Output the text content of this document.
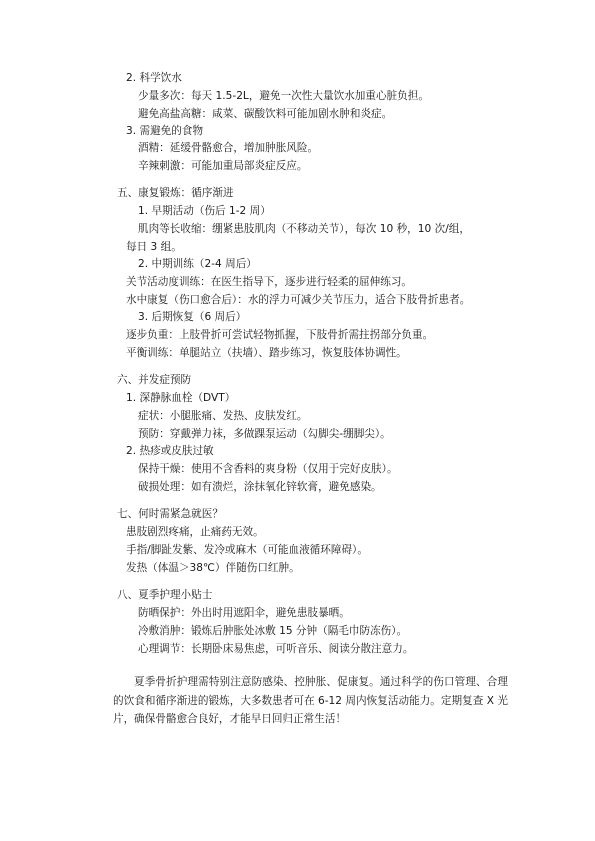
2. 科学饮水
少量多次：每天 1.5-2L，避免一次性大量饮水加重心脏负担。
避免高盐高糖：咸菜、碳酸饮料可能加剧水肿和炎症。
3. 需避免的食物
酒精：延缓骨骼愈合，增加肿胀风险。
辛辣刺激：可能加重局部炎症反应。
五、康复锻炼：循序渐进
1. 早期活动（伤后 1-2 周）
肌肉等长收缩：绷紧患肢肌肉（不移动关节），每次 10 秒，10 次/组，
每日 3 组。
2. 中期训练（2-4 周后）
关节活动度训练：在医生指导下，逐步进行轻柔的屈伸练习。
水中康复（伤口愈合后）：水的浮力可减少关节压力，适合下肢骨折患者。
3. 后期恢复（6 周后）
逐步负重：上肢骨折可尝试轻物抓握，下肢骨折需拄拐部分负重。
平衡训练：单腿站立（扶墙）、踏步练习，恢复肢体协调性。
六、并发症预防
1. 深静脉血栓（DVT）
症状：小腿胀痛、发热、皮肤发红。
预防：穿戴弹力袜，多做踝泵运动（勾脚尖-绷脚尖）。
2. 热疹或皮肤过敏
保持干燥：使用不含香料的爽身粉（仅用于完好皮肤）。
破损处理：如有溃烂，涂抹氧化锌软膏，避免感染。
七、何时需紧急就医？
患肢剧烈疼痛，止痛药无效。
手指/脚趾发紫、发冷或麻木（可能血液循环障碍）。
发热（体温＞38℃）伴随伤口红肿。
八、夏季护理小贴士
防晒保护：外出时用遮阳伞，避免患肢暴晒。
冷敷消肿：锻炼后肿胀处冰敷 15 分钟（隔毛巾防冻伤）。
心理调节：长期卧床易焦虑，可听音乐、阅读分散注意力。
夏季骨折护理需特别注意防感染、控肿胀、促康复。通过科学的伤口管理、合理的饮食和循序渐进的锻炼，大多数患者可在 6-12 周内恢复活动能力。定期复查 X 光片，确保骨骼愈合良好，才能早日回归正常生活！
